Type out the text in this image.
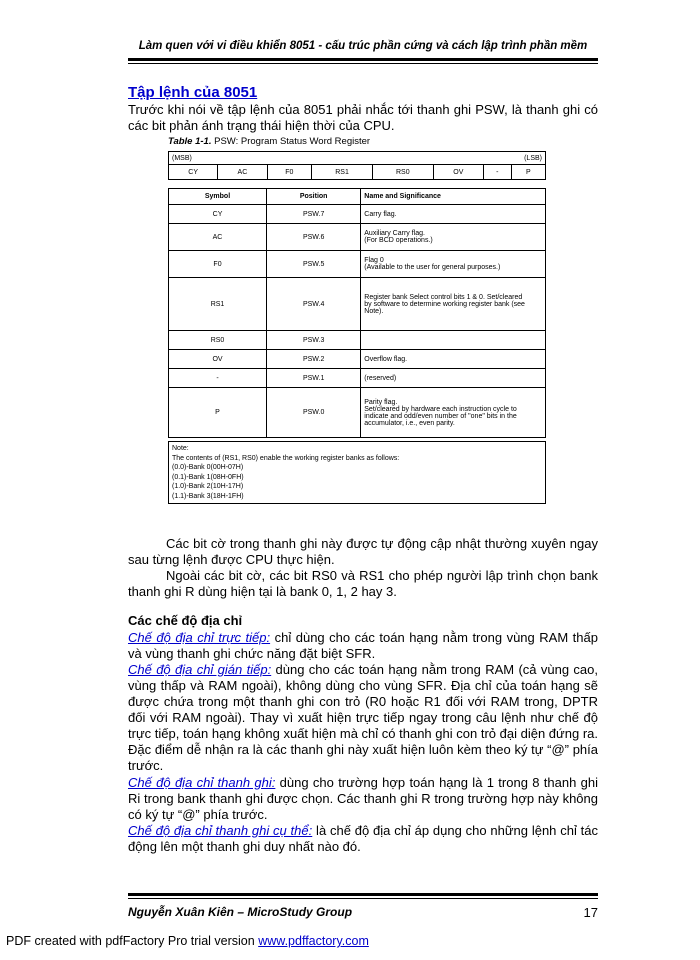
Làm quen với vi điều khiển 8051 - cấu trúc phần cứng và cách lập trình phần mềm
Tập lệnh của 8051
Trước khi nói về tập lệnh của 8051 phải nhắc tới thanh ghi PSW, là thanh ghi có các bit phản ánh trạng thái hiện thời của CPU.
Table 1-1. PSW: Program Status Word Register
(MSB)				(LSB)			
CY	AC	F0	RS1	RS0	OV	-	P
Symbol	Position	Name and Significance
CY	PSW.7	Carry flag.

AC	PSW.6	Auxiliary Carry flag.
(For BCD operations.)

F0	PSW.5	Flag 0
(Available to the user for general purposes.)

RS1	PSW.4	Register bank Select control bits 1 & 0. Set/cleared
by software to determine working register bank (see
Note).

RS0	PSW.3	
OV	PSW.2	Overflow flag.

-	PSW.1	(reserved)

P	PSW.0	Parity flag.
Set/cleared by hardware each instruction cycle to
indicate and odd/even number of "one" bits in the
accumulator, i.e., even parity.
Note:
The contents of (RS1, RS0) enable the working register banks as follows:
(0.0)-Bank 0(00H-07H)
(0.1)-Bank 1(08H-0FH)
(1.0)-Bank 2(10H-17H)
(1.1)-Bank 3(18H-1FH)
Các bit cờ trong thanh ghi này được tự động cập nhật thường xuyên ngay sau từng lệnh được CPU thực hiện.
Ngoài các bit cờ, các bit RS0 và RS1 cho phép người lập trình chọn bank thanh ghi R dùng hiện tại là bank 0, 1, 2 hay 3.
Các chế độ địa chỉ
Chế độ địa chỉ trực tiếp: chỉ dùng cho các toán hạng nằm trong vùng RAM thấp và vùng thanh ghi chức năng đặt biệt SFR.
Chế độ địa chỉ gián tiếp: dùng cho các toán hạng nằm trong RAM (cả vùng cao, vùng thấp và RAM ngoài), không dùng cho vùng SFR. Địa chỉ của toán hạng sẽ được chứa trong một thanh ghi con trỏ (R0 hoặc R1 đối với RAM trong, DPTR đối với RAM ngoài). Thay vì xuất hiện trực tiếp ngay trong câu lệnh như chế độ trực tiếp, toán hạng không xuất hiện mà chỉ có thanh ghi con trỏ đại diện đứng ra. Đặc điểm dễ nhận ra là các thanh ghi này xuất hiện luôn kèm theo ký tự “@” phía trước.
Chế độ địa chỉ thanh ghi: dùng cho trường hợp toán hạng là 1 trong 8 thanh ghi Ri trong bank thanh ghi được chọn. Các thanh ghi R trong trường hợp này không có ký tự “@” phía trước.
Chế độ địa chỉ thanh ghi cụ thể: là chế độ địa chỉ áp dụng cho những lệnh chỉ tác động lên một thanh ghi duy nhất nào đó.
Nguyễn Xuân Kiên – MicroStudy Group	17
PDF created with pdfFactory Pro trial version www.pdffactory.com
